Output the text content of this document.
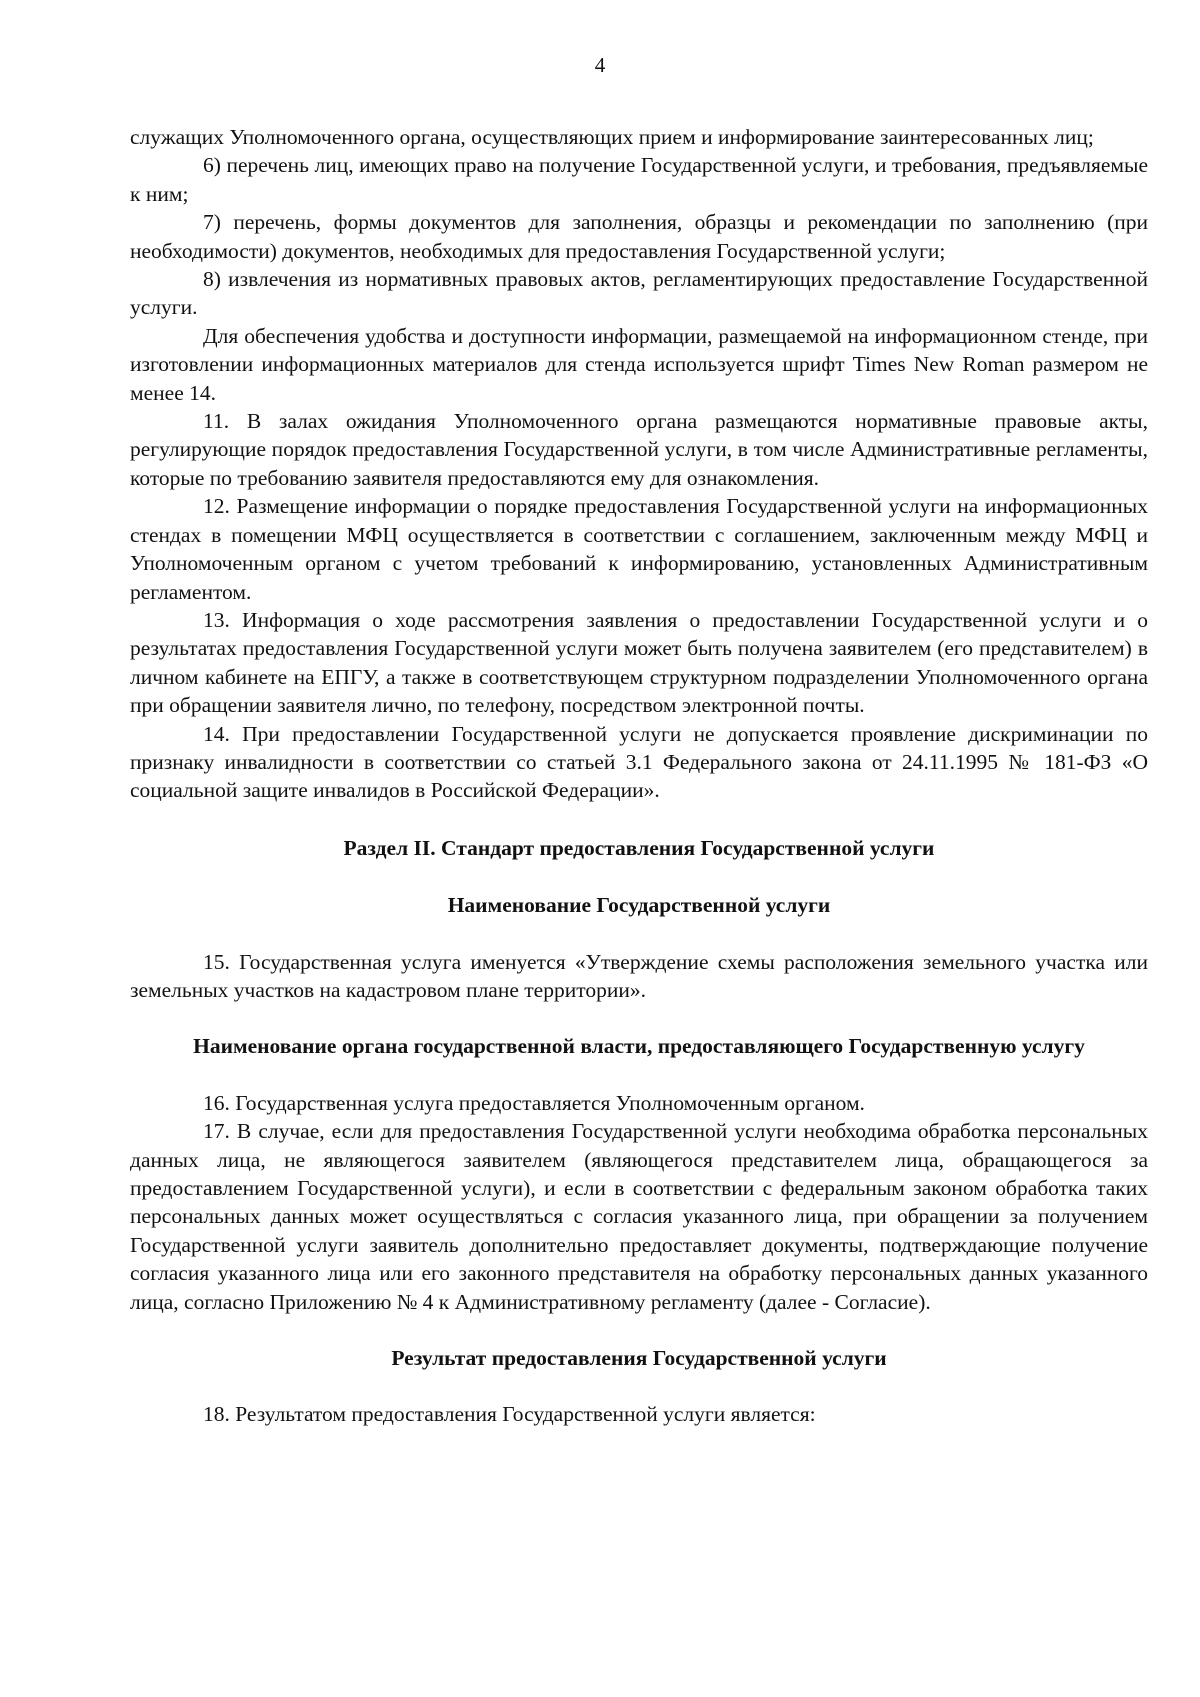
4

служащих Уполномоченного органа, осуществляющих прием и информирование заинтересованных лиц;

6) перечень лиц, имеющих право на получение Государственной услуги, и требования, предъявляемые к ним;

7) перечень, формы документов для заполнения, образцы и рекомендации по заполнению (при необходимости) документов, необходимых для предоставления Государственной услуги;

8) извлечения из нормативных правовых актов, регламентирующих предоставление Государственной услуги.

Для обеспечения удобства и доступности информации, размещаемой на информационном стенде, при изготовлении информационных материалов для стенда используется шрифт Times New Roman размером не менее 14.

11. В залах ожидания Уполномоченного органа размещаются нормативные правовые акты, регулирующие порядок предоставления Государственной услуги, в том числе Административные регламенты, которые по требованию заявителя предоставляются ему для ознакомления.

12. Размещение информации о порядке предоставления Государственной услуги на информационных стендах в помещении МФЦ осуществляется в соответствии с соглашением, заключенным между МФЦ и Уполномоченным органом с учетом требований к информированию, установленных Административным регламентом.

13. Информация о ходе рассмотрения заявления о предоставлении Государственной услуги и о результатах предоставления Государственной услуги может быть получена заявителем (его представителем) в личном кабинете на ЕПГУ, а также в соответствующем структурном подразделении Уполномоченного органа при обращении заявителя лично, по телефону, посредством электронной почты.

14. При предоставлении Государственной услуги не допускается проявление дискриминации по признаку инвалидности в соответствии со статьей 3.1 Федерального закона от 24.11.1995 № 181-ФЗ «О социальной защите инвалидов в Российской Федерации».

Раздел II. Стандарт предоставления Государственной услуги

Наименование Государственной услуги

15. Государственная услуга именуется «Утверждение схемы расположения земельного участка или земельных участков на кадастровом плане территории».

Наименование органа государственной власти, предоставляющего Государственную услугу

16. Государственная услуга предоставляется Уполномоченным органом.

17. В случае, если для предоставления Государственной услуги необходима обработка персональных данных лица, не являющегося заявителем (являющегося представителем лица, обращающегося за предоставлением Государственной услуги), и если в соответствии с федеральным законом обработка таких персональных данных может осуществляться с согласия указанного лица, при обращении за получением Государственной услуги заявитель дополнительно предоставляет документы, подтверждающие получение согласия указанного лица или его законного представителя на обработку персональных данных указанного лица, согласно Приложению № 4 к Административному регламенту (далее - Согласие).

Результат предоставления Государственной услуги

18. Результатом предоставления Государственной услуги является:
